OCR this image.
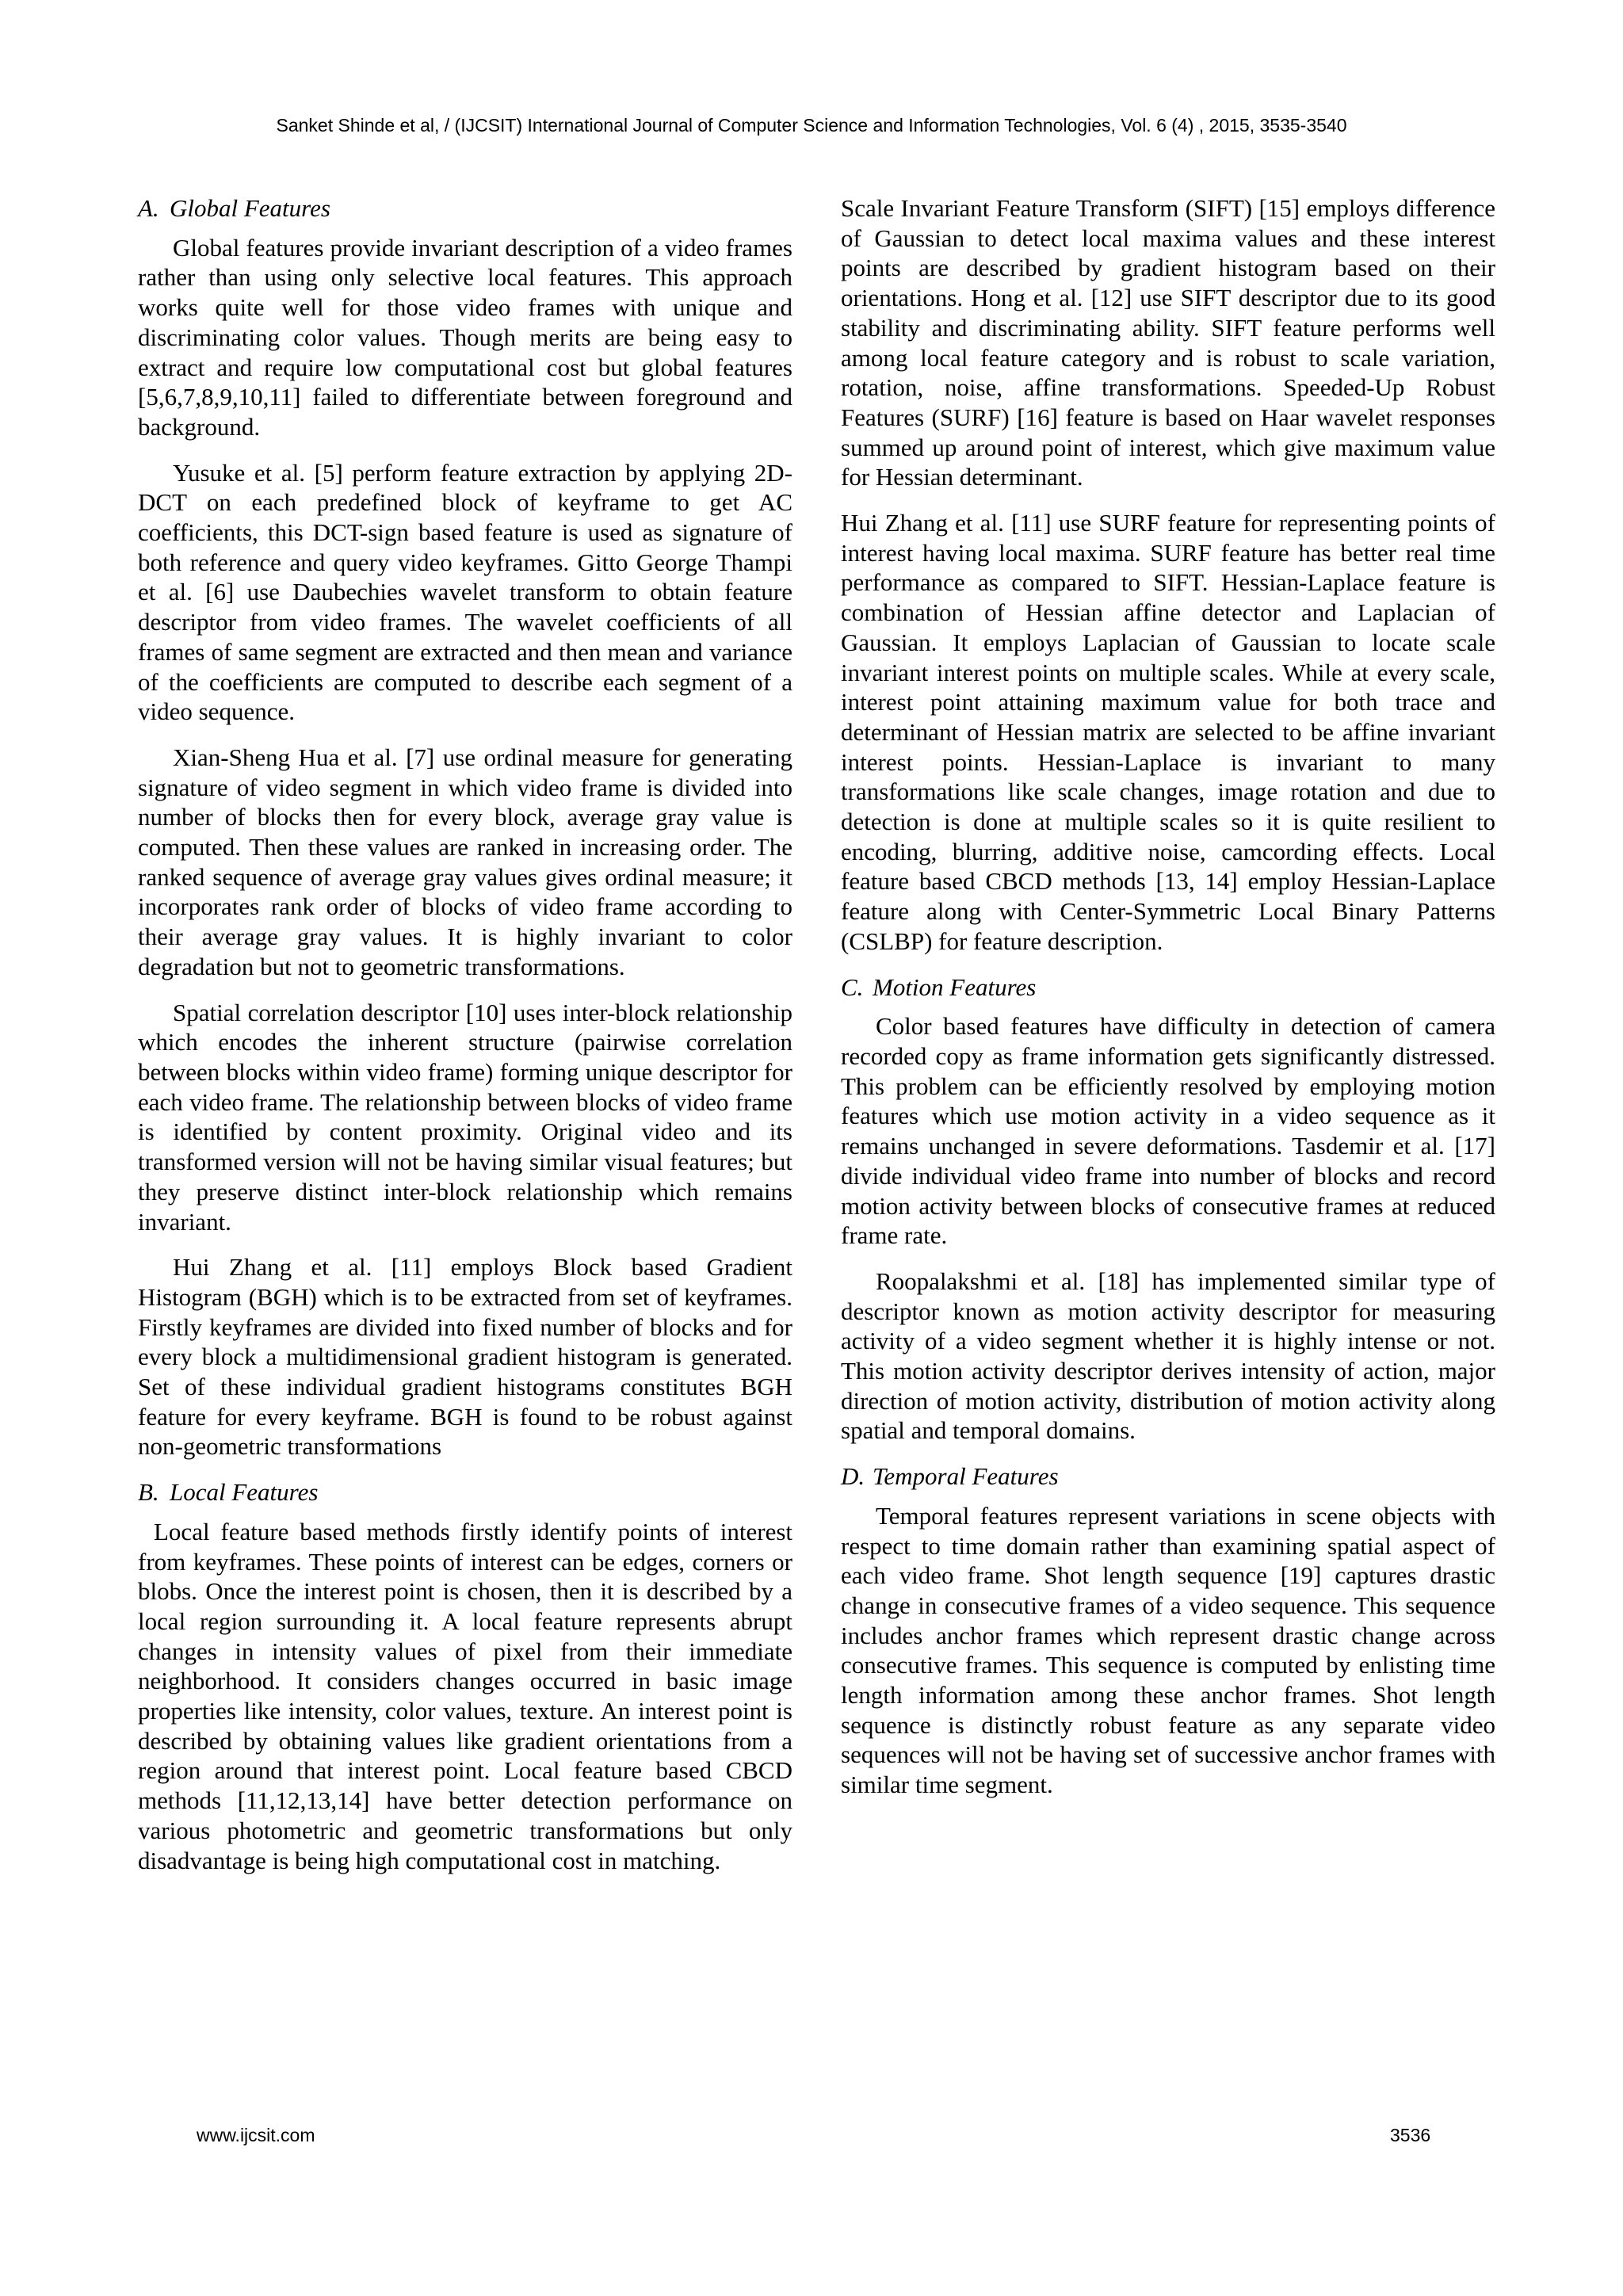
Sanket Shinde et al, / (IJCSIT) International Journal of Computer Science and Information Technologies, Vol. 6 (4) , 2015, 3535-3540
A. Global Features

Global features provide invariant description of a video frames rather than using only selective local features. This approach works quite well for those video frames with unique and discriminating color values. Though merits are being easy to extract and require low computational cost but global features [5,6,7,8,9,10,11] failed to differentiate between foreground and background.

Yusuke et al. [5] perform feature extraction by applying 2D-DCT on each predefined block of keyframe to get AC coefficients, this DCT-sign based feature is used as signature of both reference and query video keyframes. Gitto George Thampi et al. [6] use Daubechies wavelet transform to obtain feature descriptor from video frames. The wavelet coefficients of all frames of same segment are extracted and then mean and variance of the coefficients are computed to describe each segment of a video sequence.

Xian-Sheng Hua et al. [7] use ordinal measure for generating signature of video segment in which video frame is divided into number of blocks then for every block, average gray value is computed. Then these values are ranked in increasing order. The ranked sequence of average gray values gives ordinal measure; it incorporates rank order of blocks of video frame according to their average gray values. It is highly invariant to color degradation but not to geometric transformations.

Spatial correlation descriptor [10] uses inter-block relationship which encodes the inherent structure (pairwise correlation between blocks within video frame) forming unique descriptor for each video frame. The relationship between blocks of video frame is identified by content proximity. Original video and its transformed version will not be having similar visual features; but they preserve distinct inter-block relationship which remains invariant.

Hui Zhang et al. [11] employs Block based Gradient Histogram (BGH) which is to be extracted from set of keyframes. Firstly keyframes are divided into fixed number of blocks and for every block a multidimensional gradient histogram is generated. Set of these individual gradient histograms constitutes BGH feature for every keyframe. BGH is found to be robust against non-geometric transformations

B. Local Features

Local feature based methods firstly identify points of interest from keyframes. These points of interest can be edges, corners or blobs. Once the interest point is chosen, then it is described by a local region surrounding it. A local feature represents abrupt changes in intensity values of pixel from their immediate neighborhood. It considers changes occurred in basic image properties like intensity, color values, texture. An interest point is described by obtaining values like gradient orientations from a region around that interest point. Local feature based CBCD methods [11,12,13,14] have better detection performance on various photometric and geometric transformations but only disadvantage is being high computational cost in matching.

Scale Invariant Feature Transform (SIFT) [15] employs difference of Gaussian to detect local maxima values and these interest points are described by gradient histogram based on their orientations. Hong et al. [12] use SIFT descriptor due to its good stability and discriminating ability. SIFT feature performs well among local feature category and is robust to scale variation, rotation, noise, affine transformations. Speeded-Up Robust Features (SURF) [16] feature is based on Haar wavelet responses summed up around point of interest, which give maximum value for Hessian determinant.

Hui Zhang et al. [11] use SURF feature for representing points of interest having local maxima. SURF feature has better real time performance as compared to SIFT. Hessian-Laplace feature is combination of Hessian affine detector and Laplacian of Gaussian. It employs Laplacian of Gaussian to locate scale invariant interest points on multiple scales. While at every scale, interest point attaining maximum value for both trace and determinant of Hessian matrix are selected to be affine invariant interest points. Hessian-Laplace is invariant to many transformations like scale changes, image rotation and due to detection is done at multiple scales so it is quite resilient to encoding, blurring, additive noise, camcording effects. Local feature based CBCD methods [13, 14] employ Hessian-Laplace feature along with Center-Symmetric Local Binary Patterns (CSLBP) for feature description.

C. Motion Features

Color based features have difficulty in detection of camera recorded copy as frame information gets significantly distressed. This problem can be efficiently resolved by employing motion features which use motion activity in a video sequence as it remains unchanged in severe deformations. Tasdemir et al. [17] divide individual video frame into number of blocks and record motion activity between blocks of consecutive frames at reduced frame rate.

Roopalakshmi et al. [18] has implemented similar type of descriptor known as motion activity descriptor for measuring activity of a video segment whether it is highly intense or not. This motion activity descriptor derives intensity of action, major direction of motion activity, distribution of motion activity along spatial and temporal domains.

D. Temporal Features

Temporal features represent variations in scene objects with respect to time domain rather than examining spatial aspect of each video frame. Shot length sequence [19] captures drastic change in consecutive frames of a video sequence. This sequence includes anchor frames which represent drastic change across consecutive frames. This sequence is computed by enlisting time length information among these anchor frames. Shot length sequence is distinctly robust feature as any separate video sequences will not be having set of successive anchor frames with similar time segment.

www.ijcsit.com	3536
